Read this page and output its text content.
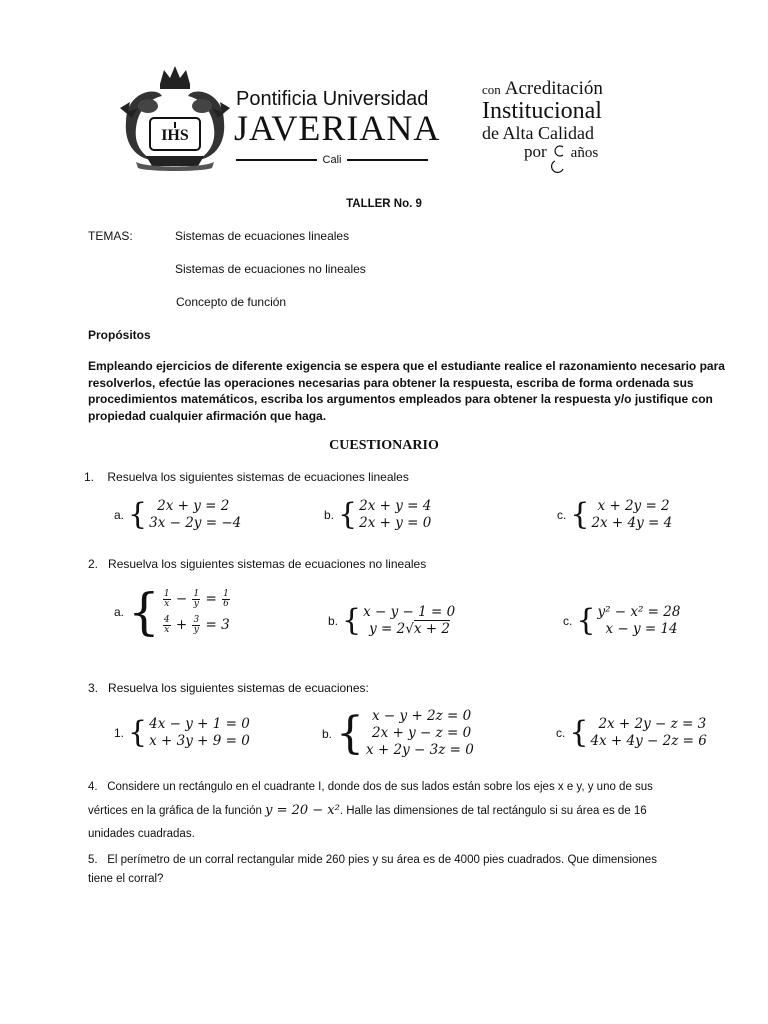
IHS
Pontificia Universidad
JAVERIANA
Cali
con Acreditación
Institucional
de Alta Calidad
por años
TALLER No. 9
TEMAS:	Sistemas de ecuaciones lineales
Sistemas de ecuaciones no lineales
Concepto de función
Propósitos
Empleando ejercicios de diferente exigencia se espera que el estudiante realice el razonamiento necesario para resolverlos, efectúe las operaciones necesarias para obtener la respuesta, escriba de forma ordenada sus procedimientos matemáticos, escriba los argumentos empleados para obtener la respuesta y/o justifique con propiedad cualquier afirmación que haga.
CUESTIONARIO
1. Resuelva los siguientes sistemas de ecuaciones lineales
a. { 2x + y = 2
3x − 2y = −4	b. { 2x + y = 4
2x + y = 0	c. { x + 2y = 2
2x + 4y = 4
2. Resuelva los siguientes sistemas de ecuaciones no lineales
a. { $\frac{1}{x} - \frac{1}{y} = \frac{1}{6}$
$\frac{4}{x} + \frac{3}{y} = 3$	b. { x − y − 1 = 0
y = 2√x + 2	c. { y² − x² = 28
x − y = 14
3. Resuelva los siguientes sistemas de ecuaciones:
1. { 4x − y + 1 = 0
x + 3y + 9 = 0	b. { x − y + 2z = 0
2x + y − z = 0
x + 2y − 3z = 0
c. { 2x + 2y − z = 3
4x + 4y − 2z = 6
4. Considere un rectángulo en el cuadrante I, donde dos de sus lados están sobre los ejes x e y, y uno de sus
vértices en la gráfica de la función y = 20 − x². Halle las dimensiones de tal rectángulo si su área es de 16
unidades cuadradas.
5. El perímetro de un corral rectangular mide 260 pies y su área es de 4000 pies cuadrados. Que dimensiones
tiene el corral?
